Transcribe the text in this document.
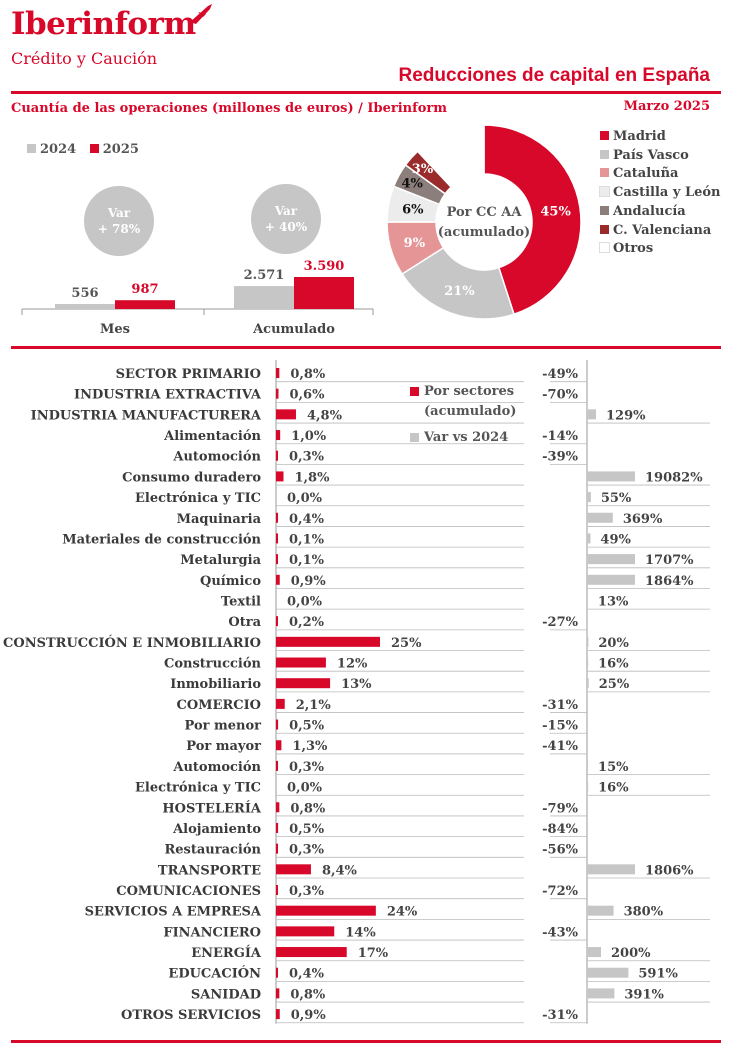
Iberinform
Crédito y Caución
Reducciones de capital en España
Cuantía de las operaciones (millones de euros) / Iberinform	Marzo 2025
2024 2025
Var
+ 78%
Var
+ 40%
556	987
Mes
2.571
3.590
Acumulado
45%
21%
9%
6%
4%
3%
Por CC AA
(acumulado)
Madrid
País Vasco
Cataluña
Castilla y León
Andalucía
C. Valenciana
Otros
Por sectores
(acumulado)
Var vs 2024
SECTOR PRIMARIO 0,8%	-49%
INDUSTRIA EXTRACTIVA 0,6%	-70%
INDUSTRIA MANUFACTURERA	4,8%	129%
Alimentación 1,0%	-14%
Automoción 0,3%	-39%
Consumo duradero	1,8%	19082%
Electrónica y TIC 0,0%	55%
Maquinaria 0,4%	369%
Materiales de construcción 0,1%	49%
Metalurgia 0,1%	1707%
Químico 0,9%	1864%
Textil 0,0%	13%
Otra 0,2%	-27%
CONSTRUCCIÓN E INMOBILIARIO	25%	20%
Construcción	12%	16%
Inmobiliario	13%	25%
COMERCIO	2,1%	-31%
Por menor 0,5%	-15%
Por mayor 1,3%	-41%
Automoción 0,3%	15%
Electrónica y TIC 0,0%	16%
HOSTELERÍA 0,8%	-79%
Alojamiento 0,5%	-84%
Restauración 0,3%	-56%
TRANSPORTE	8,4%	1806%
COMUNICACIONES 0,3%	-72%
SERVICIOS A EMPRESA	24%	380%
FINANCIERO	14%	-43%
ENERGÍA	17%	200%
EDUCACIÓN 0,4%	591%
SANIDAD 0,8%	391%
OTROS SERVICIOS 0,9%	-31%
